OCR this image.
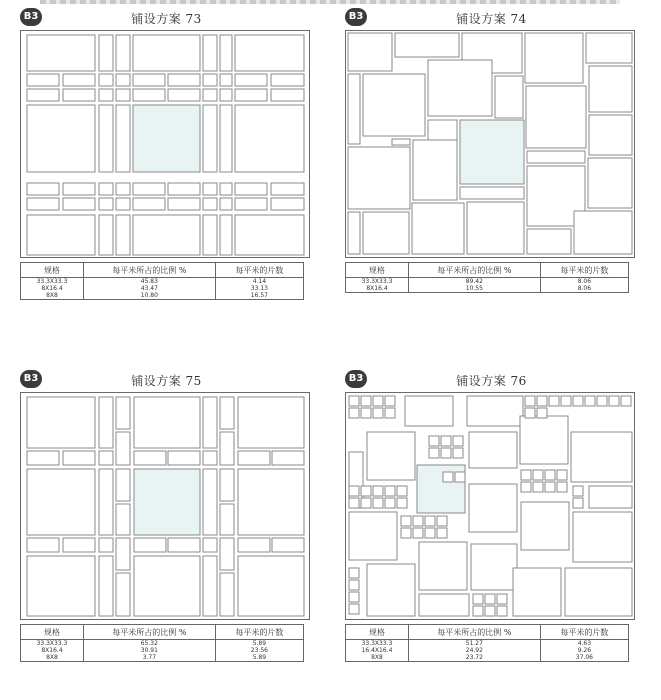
B3	铺设方案 73
规格	每平米所占的比例 %	每平米的片数
33.3X33.3	45.83	4.14
8X16.4	43.47	33.13
8X8	10.80	16.57
B3	铺设方案 74
规格	每平米所占的比例 %	每平米的片数
33.3X33.3	89.42	8.06
8X16.4	10.55	8.06
B3	铺设方案 75
规格	每平米所占的比例 %	每平米的片数
33.3X33.3	65.32	5.89
8X16.4	30.91	23.56
8X8	3.77	5.89
B3	铺设方案 76
规格	每平米所占的比例 %	每平米的片数
33.3X33.3	51.27	4.63
16.4X16.4	24.92	9.26
8X8	23.72	37.06
